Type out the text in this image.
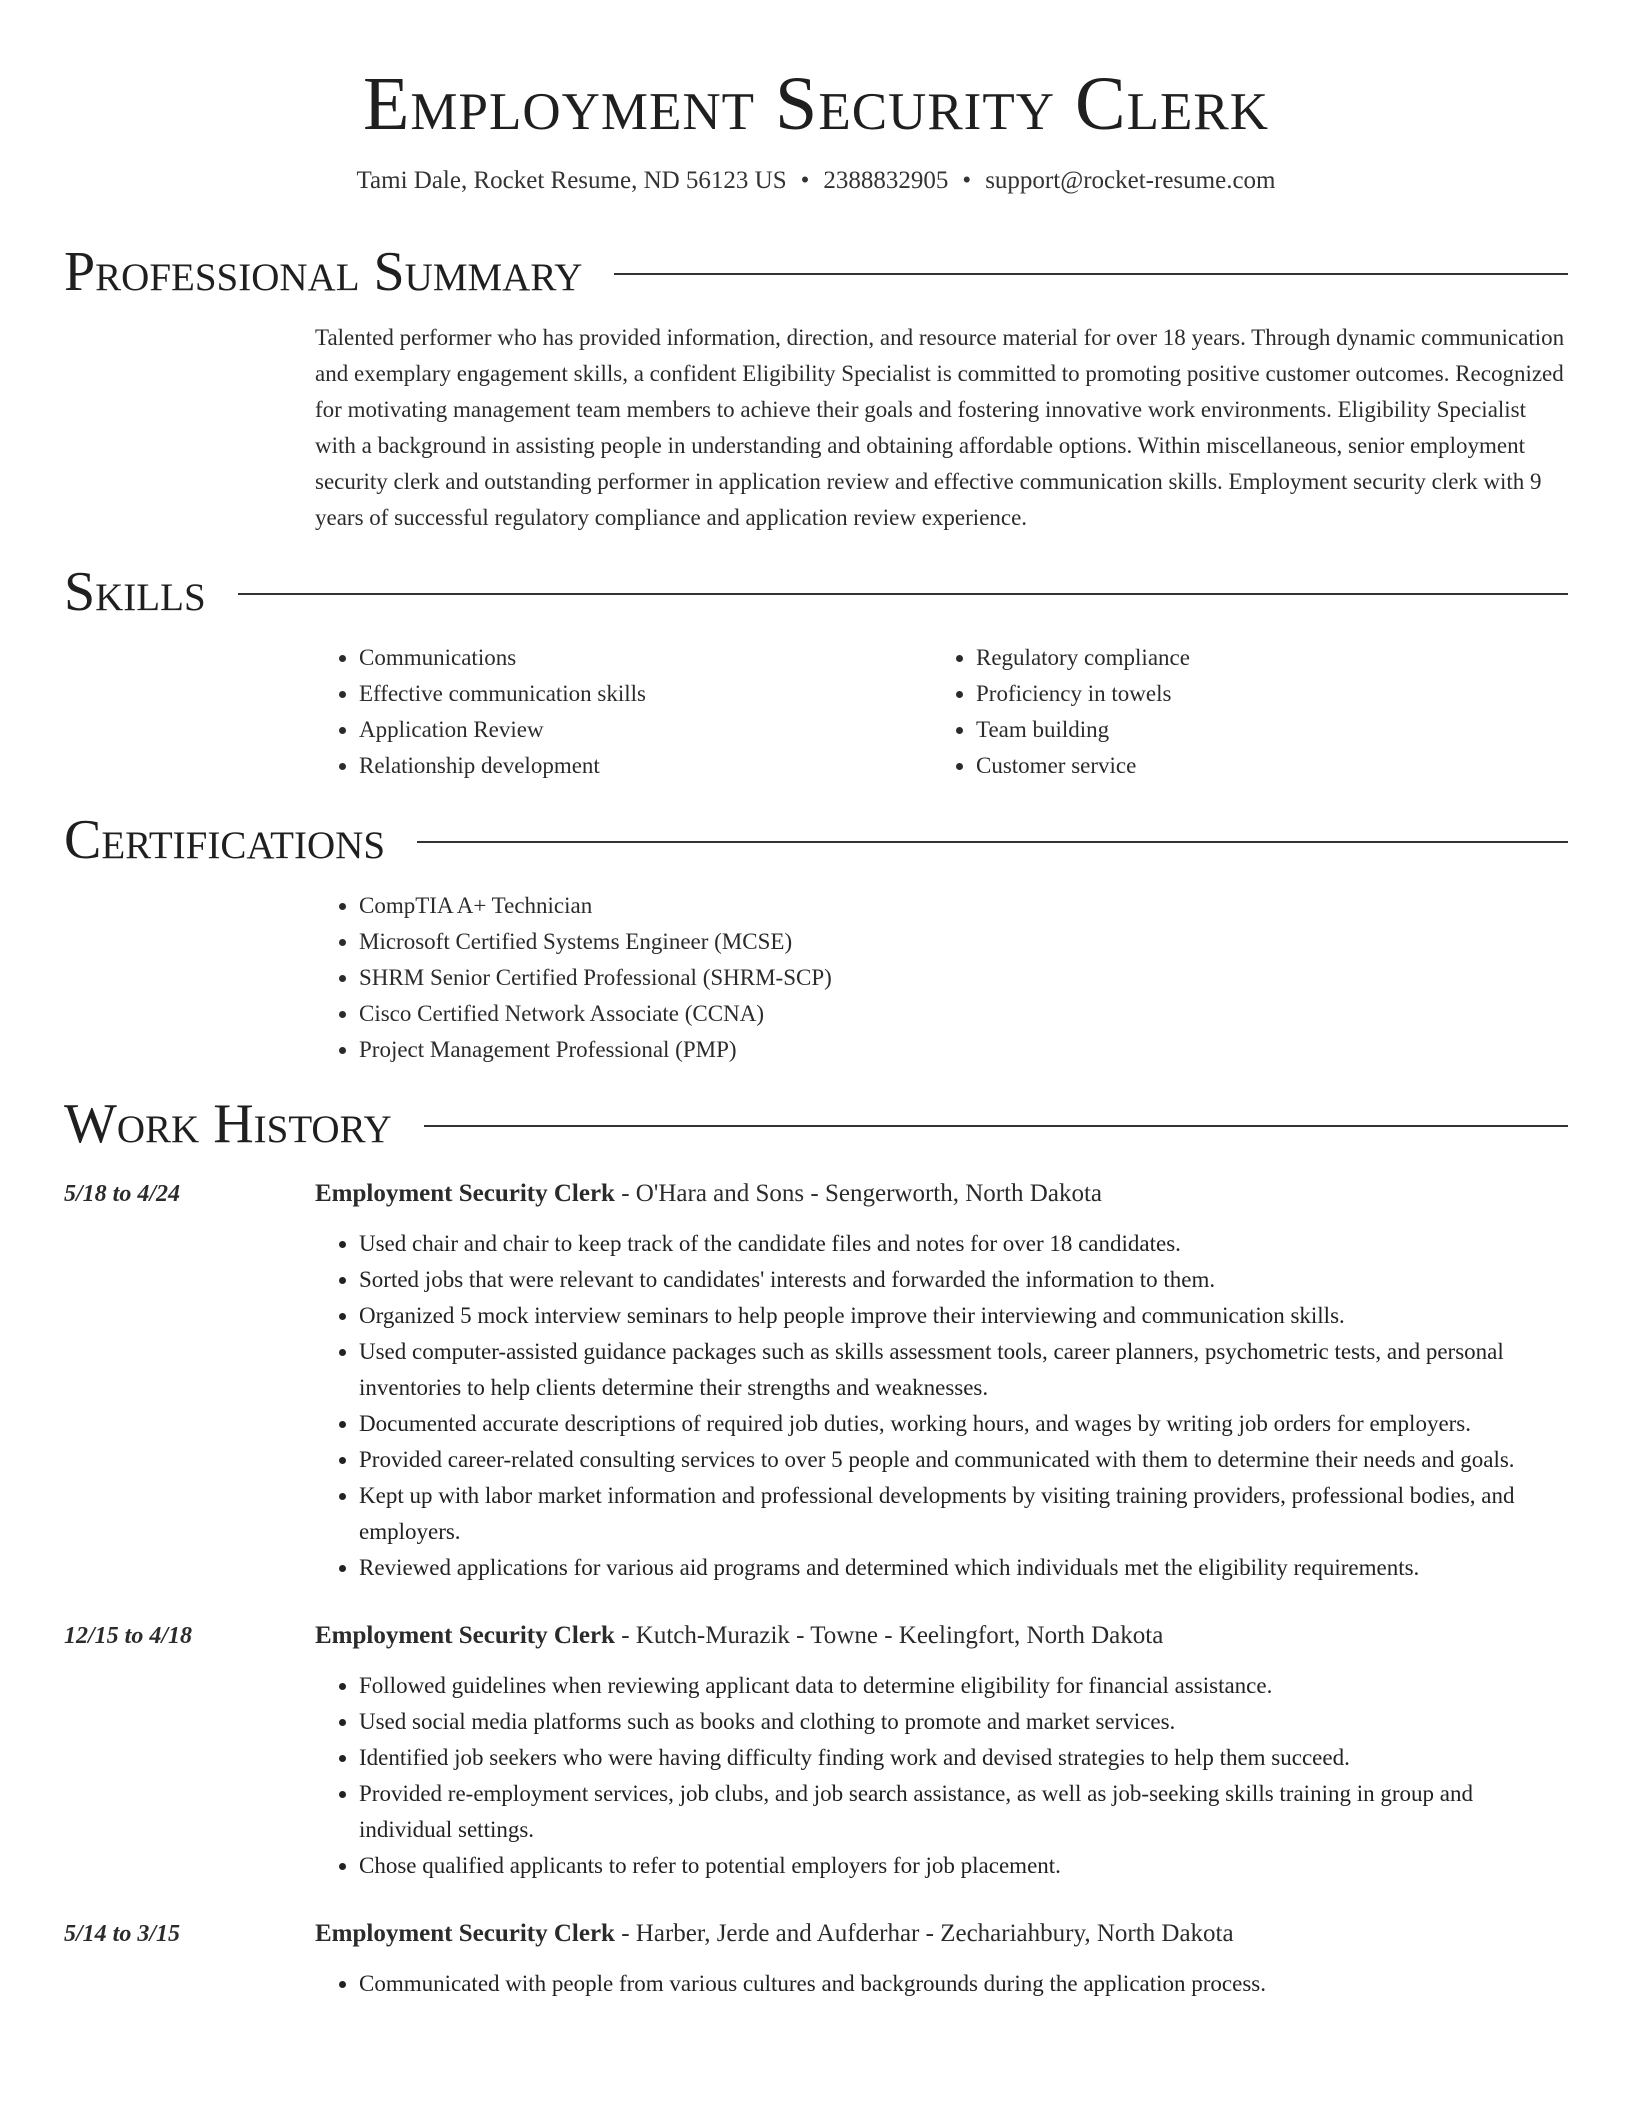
Employment Security Clerk
Tami Dale, Rocket Resume, ND 56123 US • 2388832905 • support@rocket-resume.com
Professional Summary

Talented performer who has provided information, direction, and resource material for over 18 years. Through dynamic communication and exemplary engagement skills, a confident Eligibility Specialist is committed to promoting positive customer outcomes. Recognized for motivating management team members to achieve their goals and fostering innovative work environments. Eligibility Specialist with a background in assisting people in understanding and obtaining affordable options. Within miscellaneous, senior employment security clerk and outstanding performer in application review and effective communication skills. Employment security clerk with 9 years of successful regulatory compliance and application review experience.

Skills
• Communications
• Effective communication skills
• Application Review
• Relationship development
• Regulatory compliance
• Proficiency in towels
• Team building
• Customer service
Certifications
• CompTIA A+ Technician
• Microsoft Certified Systems Engineer (MCSE)
• SHRM Senior Certified Professional (SHRM-SCP)
• Cisco Certified Network Associate (CCNA)
• Project Management Professional (PMP)
Work History
5/18 to 4/24	Employment Security Clerk - O'Hara and Sons - Sengerworth, North Dakota
• Used chair and chair to keep track of the candidate files and notes for over 18 candidates.
• Sorted jobs that were relevant to candidates' interests and forwarded the information to them.
• Organized 5 mock interview seminars to help people improve their interviewing and communication skills.
• Used computer-assisted guidance packages such as skills assessment tools, career planners, psychometric tests, and personal inventories to help clients determine their strengths and weaknesses.
• Documented accurate descriptions of required job duties, working hours, and wages by writing job orders for employers.
• Provided career-related consulting services to over 5 people and communicated with them to determine their needs and goals.
• Kept up with labor market information and professional developments by visiting training providers, professional bodies, and employers.
• Reviewed applications for various aid programs and determined which individuals met the eligibility requirements.
12/15 to 4/18	Employment Security Clerk - Kutch-Murazik - Towne - Keelingfort, North Dakota
• Followed guidelines when reviewing applicant data to determine eligibility for financial assistance.
• Used social media platforms such as books and clothing to promote and market services.
• Identified job seekers who were having difficulty finding work and devised strategies to help them succeed.
• Provided re-employment services, job clubs, and job search assistance, as well as job-seeking skills training in group and individual settings.
• Chose qualified applicants to refer to potential employers for job placement.
5/14 to 3/15	Employment Security Clerk - Harber, Jerde and Aufderhar - Zechariahbury, North Dakota
• Communicated with people from various cultures and backgrounds during the application process.
